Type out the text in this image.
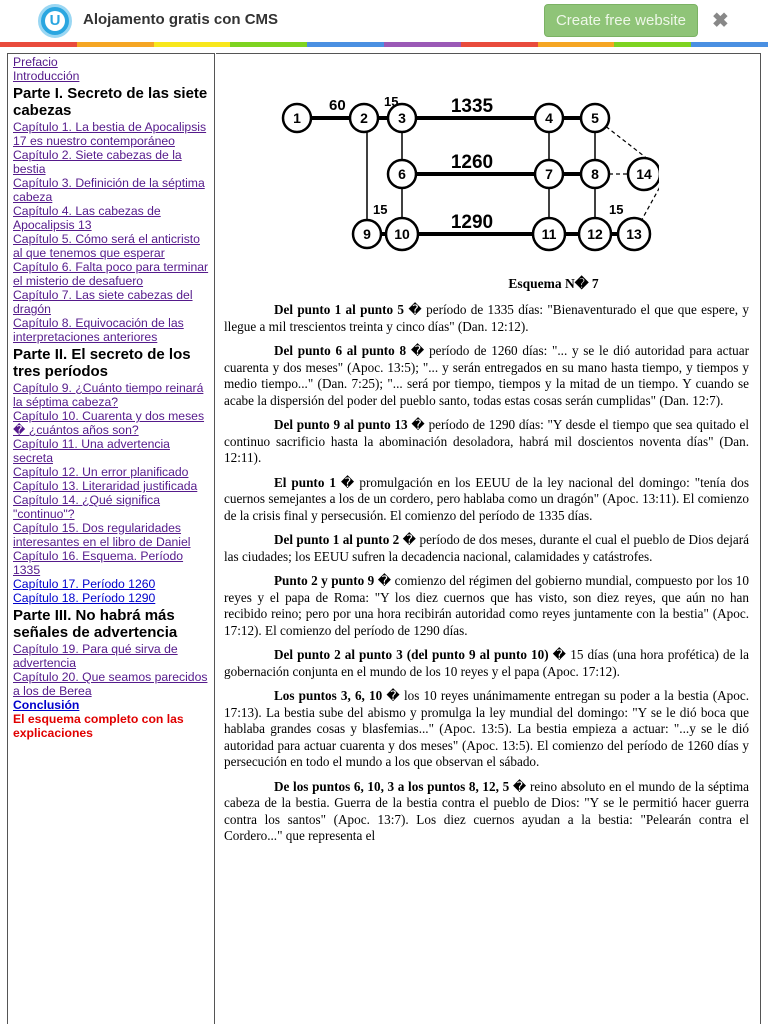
U	Alojamento gratis con CMS	Create free website	✖
Prefacio
Introducción
Parte I. Secreto de las siete cabezas
Capítulo 1. La bestia de Apocalipsis 17 es nuestro contemporáneo
Capítulo 2. Siete cabezas de la bestia
Capítulo 3. Definición de la séptima cabeza
Capítulo 4. Las cabezas de Apocalipsis 13
Capítulo 5. Cómo será el anticristo al que tenemos que esperar
Capítulo 6. Falta poco para terminar el misterio de desafuero
Capítulo 7. Las siete cabezas del dragón
Capítulo 8. Equivocación de las interpretaciones anteriores
Parte II. El secreto de los tres períodos
Capítulo 9. ¿Cuánto tiempo reinará la séptima cabeza?
Capítulo 10. Cuarenta y dos meses � ¿cuántos años son?
Capítulo 11. Una advertencia secreta
Capítulo 12. Un error planificado
Capítulo 13. Literaridad justificada
Capítulo 14. ¿Qué significa "continuo"?
Capítulo 15. Dos regularidades interesantes en el libro de Daniel
Capítulo 16. Esquema. Período 1335
Capítulo 17. Período 1260
Capítulo 18. Período 1290
Parte III. No habrá más señales de advertencia
Capítulo 19. Para qué sirva de advertencia
Capítulo 20. Que seamos parecidos a los de Berea
Conclusión
El esquema completo con las explicaciones
1	2 3	4	5
6	7	8
9 10	11 12 13
14
60	15	1335
1260
1290
15	15
Esquema N� 7

Del punto 1 al punto 5 � período de 1335 días: "Bienaventurado el que que espere, y llegue a mil trescientos treinta y cinco días" (Dan. 12:12).

Del punto 6 al punto 8 � período de 1260 días: "... y se le dió autoridad para actuar cuarenta y dos meses" (Apoc. 13:5); "... y serán entregados en su mano hasta tiempo, y tiempos y medio tiempo..." (Dan. 7:25); "... será por tiempo, tiempos y la mitad de un tiempo. Y cuando se acabe la dispersión del poder del pueblo santo, todas estas cosas serán cumplidas" (Dan. 12:7).

Del punto 9 al punto 13 � período de 1290 días: "Y desde el tiempo que sea quitado el continuo sacrificio hasta la abominación desoladora, habrá mil doscientos noventa días" (Dan. 12:11).

El punto 1 � promulgación en los EEUU de la ley nacional del domingo: "tenía dos cuernos semejantes a los de un cordero, pero hablaba como un dragón" (Apoc. 13:11). El comienzo de la crisis final y persecusión. El comienzo del período de 1335 días.

Del punto 1 al punto 2 � período de dos meses, durante el cual el pueblo de Dios dejará las ciudades; los EEUU sufren la decadencia nacional, calamidades y catástrofes.

Punto 2 y punto 9 � comienzo del régimen del gobierno mundial, compuesto por los 10 reyes y el papa de Roma: "Y los diez cuernos que has visto, son diez reyes, que aún no han recibido reino; pero por una hora recibirán autoridad como reyes juntamente con la bestia" (Apoc. 17:12). El comienzo del período de 1290 días.

Del punto 2 al punto 3 (del punto 9 al punto 10) � 15 días (una hora profética) de la gobernación conjunta en el mundo de los 10 reyes y el papa (Apoc. 17:12).

Los puntos 3, 6, 10 � los 10 reyes unánimamente entregan su poder a la bestia (Apoc. 17:13). La bestia sube del abismo y promulga la ley mundial del domingo: "Y se le dió boca que hablaba grandes cosas y blasfemias..." (Apoc. 13:5). La bestia empieza a actuar: "...y se le dió autoridad para actuar cuarenta y dos meses" (Apoc. 13:5). El comienzo del período de 1260 días y persecución en todo el mundo a los que observan el sábado.

De los puntos 6, 10, 3 a los puntos 8, 12, 5 � reino absoluto en el mundo de la séptima cabeza de la bestia. Guerra de la bestia contra el pueblo de Dios: "Y se le permitió hacer guerra contra los santos" (Apoc. 13:7). Los diez cuernos ayudan a la bestia: "Pelearán contra el Cordero..." que representa el
